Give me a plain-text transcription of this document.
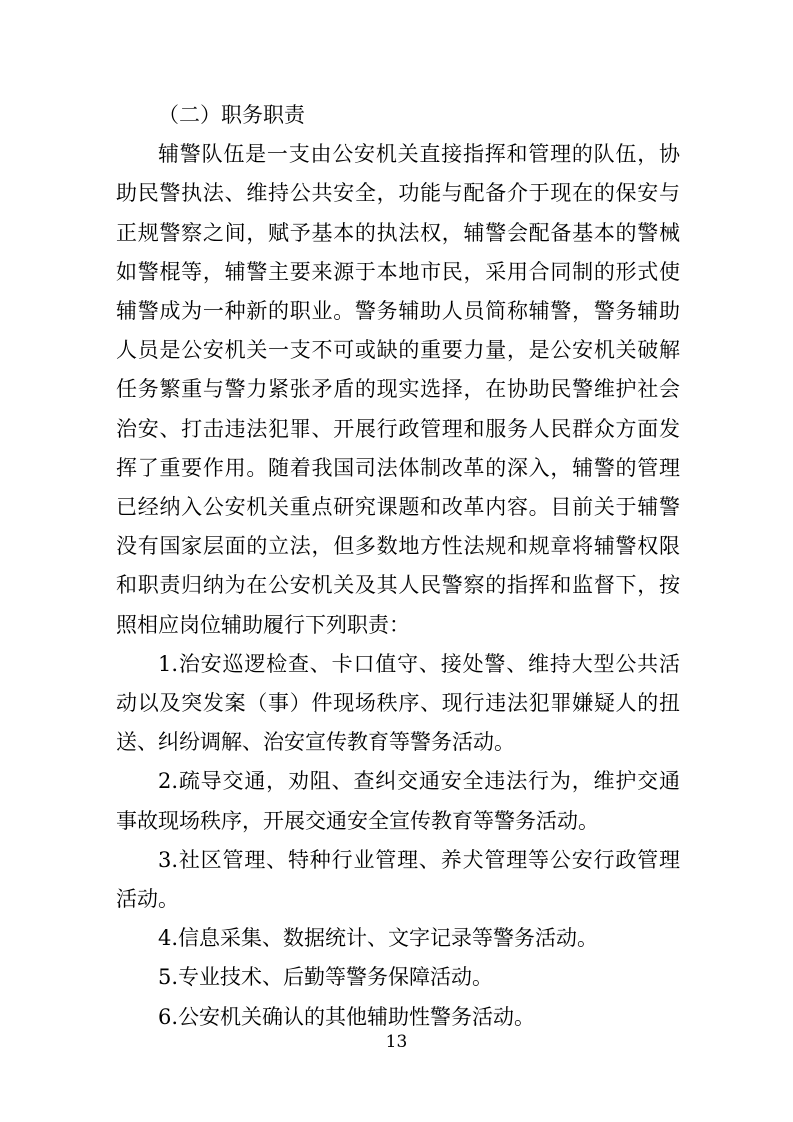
（二）职务职责

辅警队伍是一支由公安机关直接指挥和管理的队伍，协助民警执法、维持公共安全，功能与配备介于现在的保安与正规警察之间，赋予基本的执法权，辅警会配备基本的警械如警棍等，辅警主要来源于本地市民，采用合同制的形式使辅警成为一种新的职业。警务辅助人员简称辅警，警务辅助人员是公安机关一支不可或缺的重要力量，是公安机关破解任务繁重与警力紧张矛盾的现实选择，在协助民警维护社会治安、打击违法犯罪、开展行政管理和服务人民群众方面发挥了重要作用。随着我国司法体制改革的深入，辅警的管理已经纳入公安机关重点研究课题和改革内容。目前关于辅警没有国家层面的立法，但多数地方性法规和规章将辅警权限和职责归纳为在公安机关及其人民警察的指挥和监督下，按照相应岗位辅助履行下列职责：

1.治安巡逻检查、卡口值守、接处警、维持大型公共活动以及突发案（事）件现场秩序、现行违法犯罪嫌疑人的扭送、纠纷调解、治安宣传教育等警务活动。

2.疏导交通，劝阻、查纠交通安全违法行为，维护交通事故现场秩序，开展交通安全宣传教育等警务活动。

3.社区管理、特种行业管理、养犬管理等公安行政管理活动。

4.信息采集、数据统计、文字记录等警务活动。

5.专业技术、后勤等警务保障活动。

6.公安机关确认的其他辅助性警务活动。

13
